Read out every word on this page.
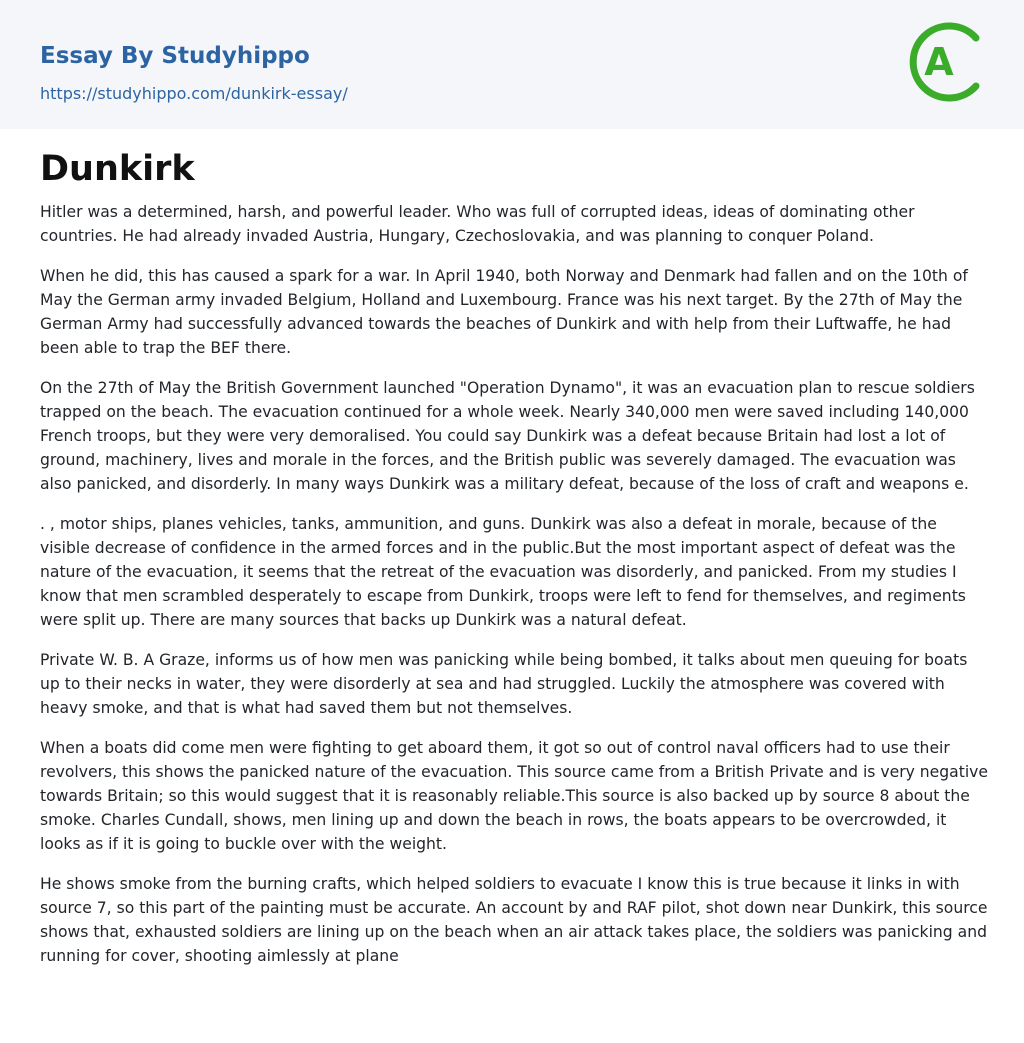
Essay By Studyhippo
https://studyhippo.com/dunkirk-essay/
A
Dunkirk

Hitler was a determined, harsh, and powerful leader. Who was full of corrupted ideas, ideas of dominating other countries. He had already invaded Austria, Hungary, Czechoslovakia, and was planning to conquer Poland.

When he did, this has caused a spark for a war. In April 1940, both Norway and Denmark had fallen and on the 10th of May the German army invaded Belgium, Holland and Luxembourg. France was his next target. By the 27th of May the German Army had successfully advanced towards the beaches of Dunkirk and with help from their Luftwaffe, he had been able to trap the BEF there.

On the 27th of May the British Government launched "Operation Dynamo", it was an evacuation plan to rescue soldiers trapped on the beach. The evacuation continued for a whole week. Nearly 340,000 men were saved including 140,000 French troops, but they were very demoralised. You could say Dunkirk was a defeat because Britain had lost a lot of ground, machinery, lives and morale in the forces, and the British public was severely damaged. The evacuation was also panicked, and disorderly. In many ways Dunkirk was a military defeat, because of the loss of craft and weapons e.

. , motor ships, planes vehicles, tanks, ammunition, and guns. Dunkirk was also a defeat in morale, because of the visible decrease of confidence in the armed forces and in the public.But the most important aspect of defeat was the nature of the evacuation, it seems that the retreat of the evacuation was disorderly, and panicked. From my studies I know that men scrambled desperately to escape from Dunkirk, troops were left to fend for themselves, and regiments were split up. There are many sources that backs up Dunkirk was a natural defeat.

Private W. B. A Graze, informs us of how men was panicking while being bombed, it talks about men queuing for boats up to their necks in water, they were disorderly at sea and had struggled. Luckily the atmosphere was covered with heavy smoke, and that is what had saved them but not themselves.

When a boats did come men were fighting to get aboard them, it got so out of control naval officers had to use their revolvers, this shows the panicked nature of the evacuation. This source came from a British Private and is very negative towards Britain; so this would suggest that it is reasonably reliable.This source is also backed up by source 8 about the smoke. Charles Cundall, shows, men lining up and down the beach in rows, the boats appears to be overcrowded, it looks as if it is going to buckle over with the weight.

He shows smoke from the burning crafts, which helped soldiers to evacuate I know this is true because it links in with source 7, so this part of the painting must be accurate. An account by and RAF pilot, shot down near Dunkirk, this source shows that, exhausted soldiers are lining up on the beach when an air attack takes place, the soldiers was panicking and running for cover, shooting aimlessly at plane
